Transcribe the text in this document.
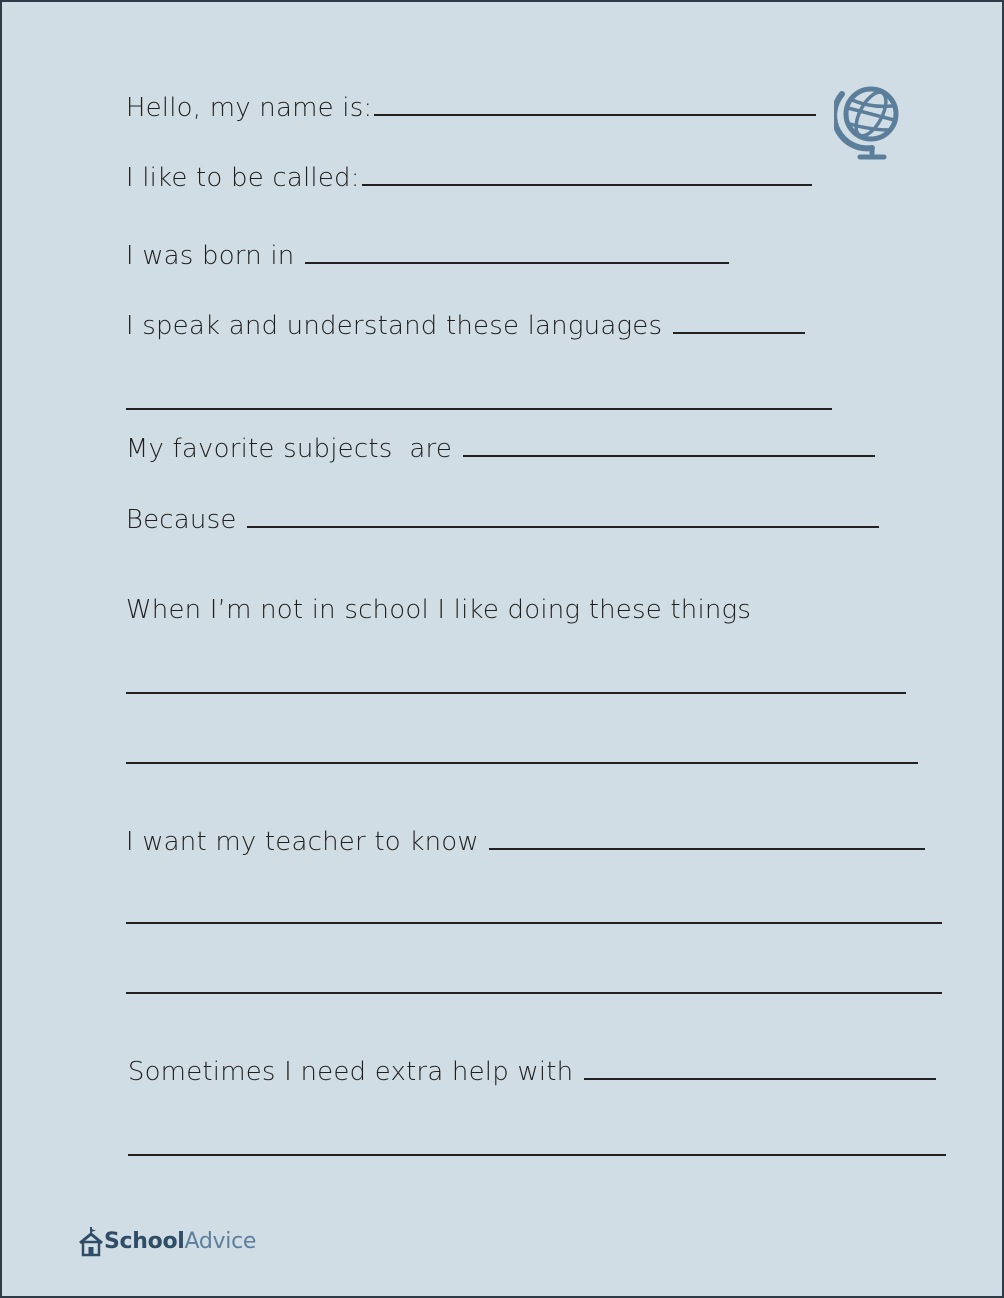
Hello, my name is:

I like to be called:

I was born in

I speak and understand these languages

My favorite subjects  are

Because

When I’m not in school I like doing these things

I want my teacher to know

Sometimes I need extra help with

SchoolAdvice
